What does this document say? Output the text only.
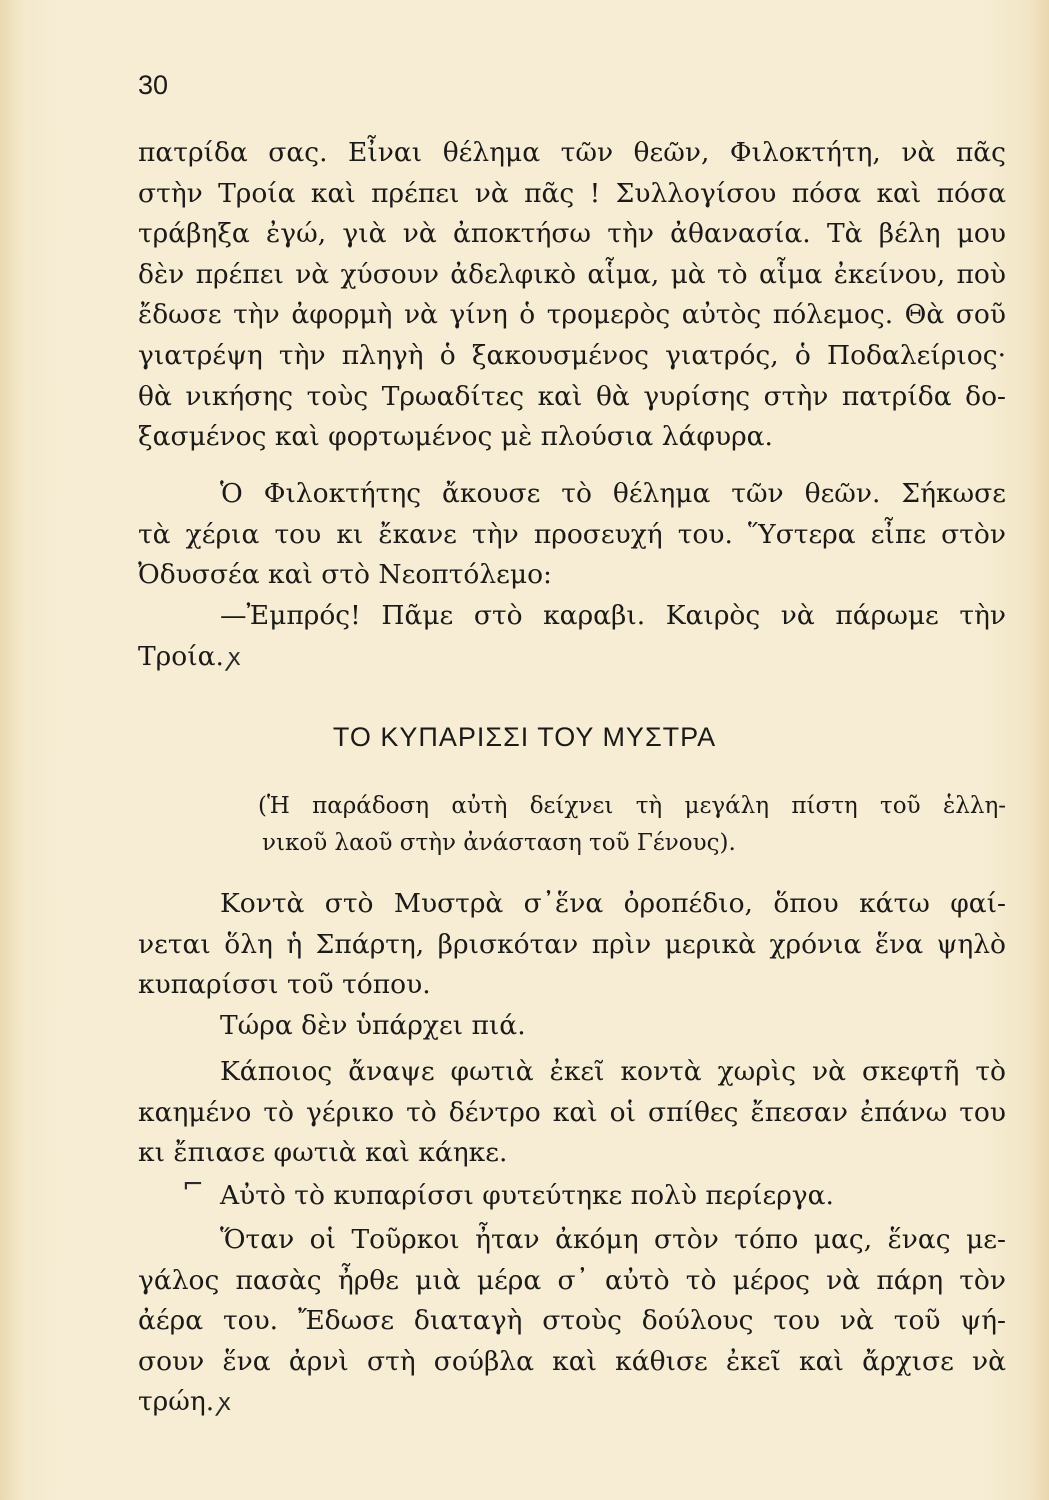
30
πατρίδα σας. Εἶναι θέλημα τῶν θεῶν, Φιλοκτήτη, νὰ πᾶς
στὴν Τροία καὶ πρέπει νὰ πᾶς ! Συλλογίσου πόσα καὶ πόσα
τράβηξα ἐγώ, γιὰ νὰ ἀποκτήσω τὴν ἀθανασία. Τὰ βέλη μου
δὲν πρέπει νὰ χύσουν ἀδελφικὸ αἷμα, μὰ τὸ αἷμα ἐκείνου, ποὺ
ἔδωσε τὴν ἀφορμὴ νὰ γίνη ὁ τρομερὸς αὐτὸς πόλεμος. Θὰ σοῦ
γιατρέψη τὴν πληγὴ ὁ ξακουσμένος γιατρός, ὁ Ποδαλείριος·
θὰ νικήσης τοὺς Τρωαδίτες καὶ θὰ γυρίσης στὴν πατρίδα δο-
ξασμένος καὶ φορτωμένος μὲ πλούσια λάφυρα.
Ὁ Φιλοκτήτης ἄκουσε τὸ θέλημα τῶν θεῶν. Σήκωσε
τὰ χέρια του κι ἔκανε τὴν προσευχή του. Ὕστερα εἶπε στὸν
Ὀδυσσέα καὶ στὸ Νεοπτόλεμο:
—Ἐμπρός! Πᾶμε στὸ καραβι. Καιρὸς νὰ πάρωμε τὴν
Τροία. ꭗ
ΤΟ ΚΥΠΑΡΙΣΣΙ ΤΟΥ ΜΥΣΤΡΑ
(Ἡ παράδοση αὐτὴ δείχνει τὴ μεγάλη πίστη τοῦ ἑλλη-
νικοῦ λαοῦ στὴν ἀνάσταση τοῦ Γένους).
Κοντὰ στὸ Μυστρὰ σ᾽ἕνα ὀροπέδιο, ὅπου κάτω φαί-
νεται ὅλη ἡ Σπάρτη, βρισκόταν πρὶν μερικὰ χρόνια ἕνα ψηλὸ
κυπαρίσσι τοῦ τόπου.
Τώρα δὲν ὑπάρχει πιά.
Κάποιος ἄναψε φωτιὰ ἐκεῖ κοντὰ χωρὶς νὰ σκεφτῆ τὸ
καημένο τὸ γέρικο τὸ δέντρο καὶ οἱ σπίθες ἔπεσαν ἐπάνω του
κι ἔπιασε φωτιὰ καὶ κάηκε.
⌐ Αὐτὸ τὸ κυπαρίσσι φυτεύτηκε πολὺ περίεργα.
Ὅταν οἱ Τοῦρκοι ἦταν ἀκόμη στὸν τόπο μας, ἕνας με-
γάλος πασὰς ἦρθε μιὰ μέρα σ᾽ αὐτὸ τὸ μέρος νὰ πάρη τὸν
ἀέρα του. Ἔδωσε διαταγὴ στοὺς δούλους του νὰ τοῦ ψή-
σουν ἕνα ἀρνὶ στὴ σούβλα καὶ κάθισε ἐκεῖ καὶ ἄρχισε νὰ
τρώη. ꭗ
